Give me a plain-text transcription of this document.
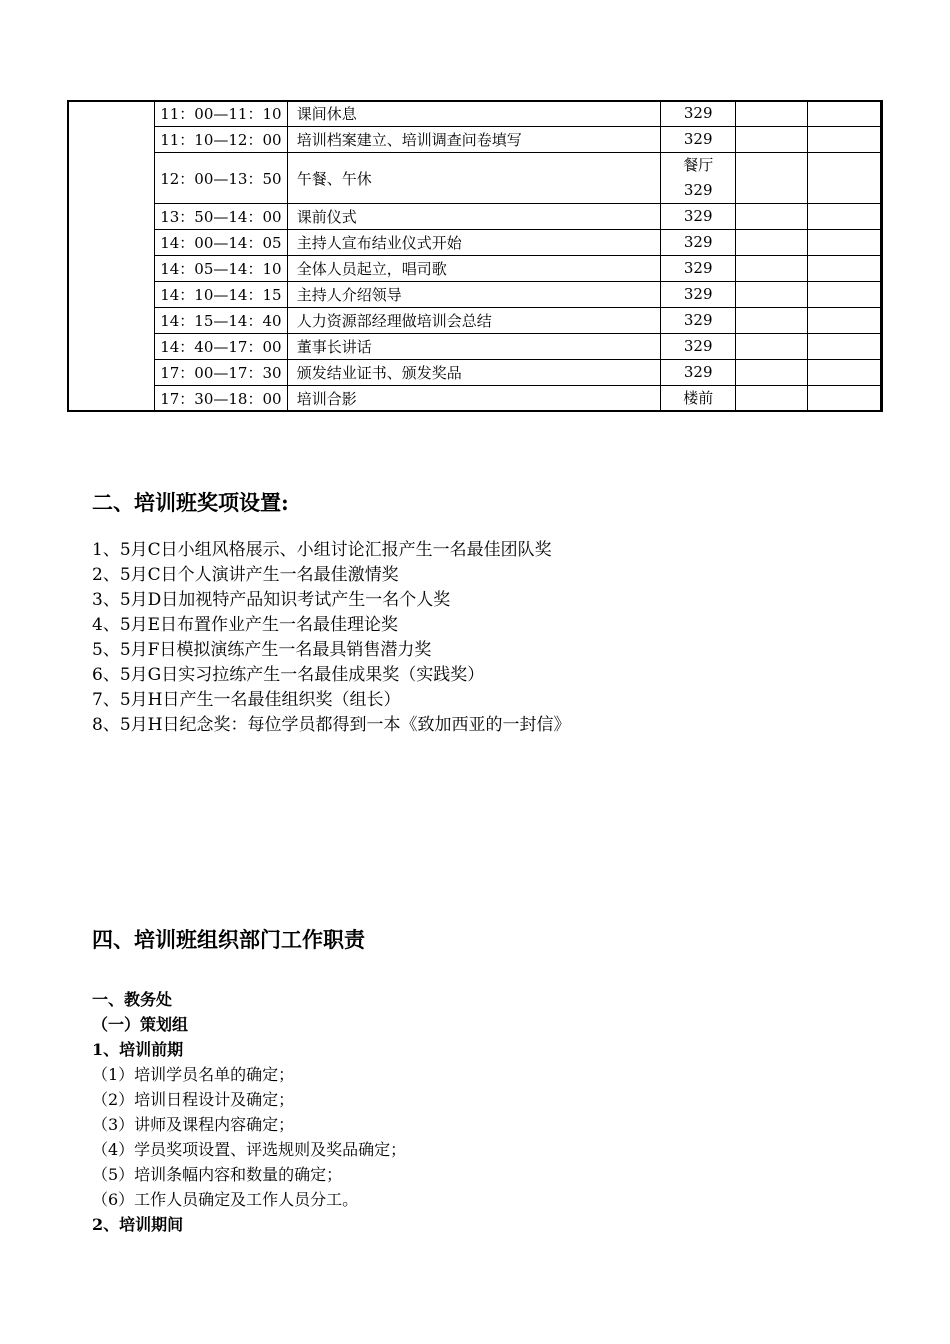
11：00—11：10	课间休息	329		

11：10—12：00	培训档案建立、培训调查问卷填写	329		

12：00—13：50	午餐、午休	餐厅
329		

13：50—14：00	课前仪式	329		

14：00—14：05	主持人宣布结业仪式开始	329		

14：05—14：10	全体人员起立，唱司歌	329		

14：10—14：15	主持人介绍领导	329		

14：15—14：40	人力资源部经理做培训会总结	329		

14：40—17：00	董事长讲话	329		

17：00—17：30	颁发结业证书、颁发奖品	329		

17：30—18：00	培训合影	楼前		

二、培训班奖项设置:
1、5月C日小组风格展示、小组讨论汇报产生一名最佳团队奖
2、5月C日个人演讲产生一名最佳激情奖
3、5月D日加视特产品知识考试产生一名个人奖
4、5月E日布置作业产生一名最佳理论奖
5、5月F日模拟演练产生一名最具销售潜力奖
6、5月G日实习拉练产生一名最佳成果奖（实践奖）
7、5月H日产生一名最佳组织奖（组长）
8、5月H日纪念奖：每位学员都得到一本《致加西亚的一封信》
四、培训班组织部门工作职责
一、教务处
（一）策划组
1、培训前期
（1）培训学员名单的确定；
（2）培训日程设计及确定；
（3）讲师及课程内容确定；
（4）学员奖项设置、评选规则及奖品确定；
（5）培训条幅内容和数量的确定；
（6）工作人员确定及工作人员分工。
2、培训期间
